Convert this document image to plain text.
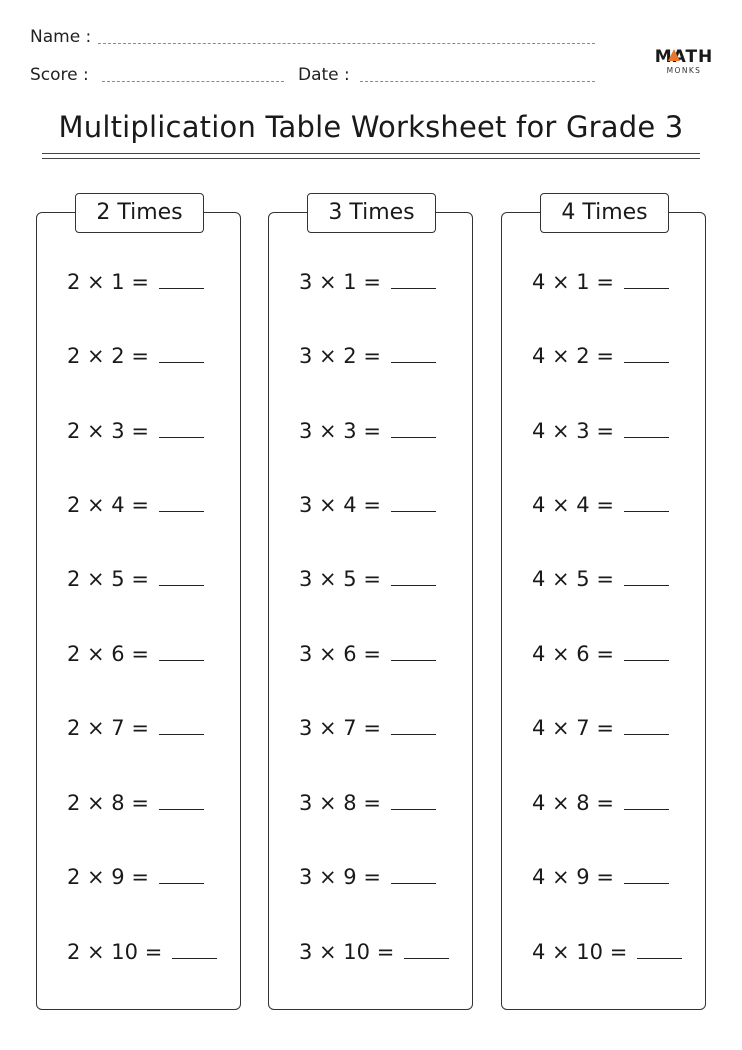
Name :
Score :	Date :
MATH
MONKS
Multiplication Table Worksheet for Grade 3
2 Times
2 × 1 =
2 × 2 =
2 × 3 =
2 × 4 =
2 × 5 =
2 × 6 =
2 × 7 =
2 × 8 =
2 × 9 =
2 × 10 =
3 Times
3 × 1 =
3 × 2 =
3 × 3 =
3 × 4 =
3 × 5 =
3 × 6 =
3 × 7 =
3 × 8 =
3 × 9 =
3 × 10 =
4 Times
4 × 1 =
4 × 2 =
4 × 3 =
4 × 4 =
4 × 5 =
4 × 6 =
4 × 7 =
4 × 8 =
4 × 9 =
4 × 10 =
